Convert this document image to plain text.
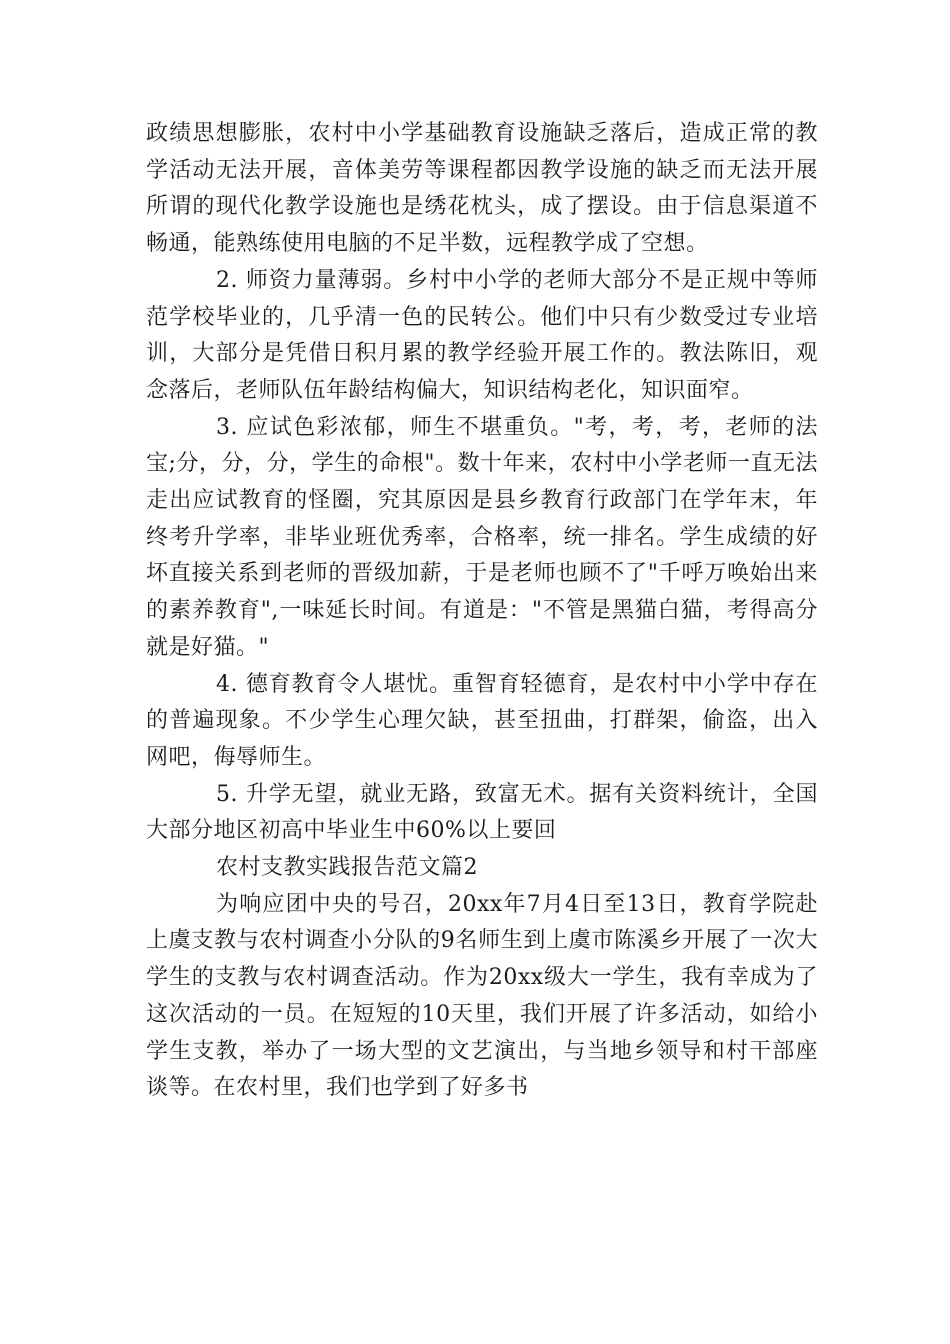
政绩思想膨胀，农村中小学基础教育设施缺乏落后，造成正常的教学活动无法开展，音体美劳等课程都因教学设施的缺乏而无法开展所谓的现代化教学设施也是绣花枕头，成了摆设。由于信息渠道不畅通，能熟练使用电脑的不足半数，远程教学成了空想。

2. 师资力量薄弱。乡村中小学的老师大部分不是正规中等师范学校毕业的，几乎清一色的民转公。他们中只有少数受过专业培训，大部分是凭借日积月累的教学经验开展工作的。教法陈旧，观念落后，老师队伍年龄结构偏大，知识结构老化，知识面窄。

3. 应试色彩浓郁，师生不堪重负。"考，考，考，老师的法宝;分，分，分，学生的命根"。数十年来，农村中小学老师一直无法走出应试教育的怪圈，究其原因是县乡教育行政部门在学年末，年终考升学率，非毕业班优秀率，合格率，统一排名。学生成绩的好坏直接关系到老师的晋级加薪，于是老师也顾不了"千呼万唤始出来的素养教育",一味延长时间。有道是："不管是黑猫白猫，考得高分就是好猫。"

4. 德育教育令人堪忧。重智育轻德育，是农村中小学中存在的普遍现象。不少学生心理欠缺，甚至扭曲，打群架，偷盗，出入网吧，侮辱师生。

5. 升学无望，就业无路，致富无术。据有关资料统计，全国大部分地区初高中毕业生中60%以上要回

农村支教实践报告范文篇2

为响应团中央的号召，20xx年7月4日至13日，教育学院赴上虞支教与农村调查小分队的9名师生到上虞市陈溪乡开展了一次大学生的支教与农村调查活动。作为20xx级大一学生，我有幸成为了这次活动的一员。在短短的10天里，我们开展了许多活动，如给小学生支教，举办了一场大型的文艺演出，与当地乡领导和村干部座谈等。在农村里，我们也学到了好多书
